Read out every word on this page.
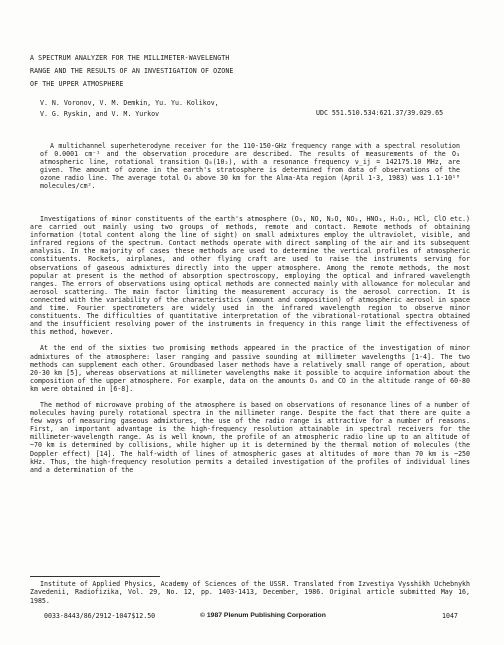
A SPECTRUM ANALYZER FOR THE MILLIMETER-WAVELENGTH
RANGE AND THE RESULTS OF AN INVESTIGATION OF OZONE
OF THE UPPER ATMOSPHERE
V. N. Voronov, V. M. Demkin, Yu. Yu. Kolikov,
V. G. Ryskin, and V. M. Yurkov	UDC 551.510.534:621.37/39.029.65

A multichannel superheterodyne receiver for the 110-150-GHz frequency range with a spectral resolution of 0.0001 cm⁻¹ and the observation procedure are described. The results of measurements of the O₃ atmospheric line, rotational transition Q₈(10₂), with a resonance frequency ν_ij = 142175.10 MHz, are given. The amount of ozone in the earth's stratosphere is determined from data of observations of the ozone radio line. The average total O₃ above 30 km for the Alma-Ata region (April 1-3, 1983) was 1.1·10¹⁸ molecules/cm².

Investigations of minor constituents of the earth's atmosphere (O₃, NO, N₂O, NO₂, HNO₃, H₂O₂, HCl, ClO etc.) are carried out mainly using two groups of methods, remote and contact. Remote methods of obtaining information (total content along the line of sight) on small admixtures employ the ultraviolet, visible, and infrared regions of the spectrum. Contact methods operate with direct sampling of the air and its subsequent analysis. In the majority of cases these methods are used to determine the vertical profiles of atmospheric constituents. Rockets, airplanes, and other flying craft are used to raise the instruments serving for observations of gaseous admixtures directly into the upper atmosphere. Among the remote methods, the most popular at present is the method of absorption spectroscopy, employing the optical and infrared wavelength ranges. The errors of observations using optical methods are connected mainly with allowance for molecular and aerosol scattering. The main factor limiting the measurement accuracy is the aerosol correction. It is connected with the variability of the characteristics (amount and composition) of atmospheric aerosol in space and time. Fourier spectrometers are widely used in the infrared wavelength region to observe minor constituents. The difficulties of quantitative interpretation of the vibrational-rotational spectra obtained and the insufficient resolving power of the instruments in frequency in this range limit the effectiveness of this method, however.

At the end of the sixties two promising methods appeared in the practice of the investigation of minor admixtures of the atmosphere: laser ranging and passive sounding at millimeter wavelengths [1-4]. The two methods can supplement each other. Groundbased laser methods have a relatively small range of operation, about 20-30 km [5], whereas observations at millimeter wavelengths make it possible to acquire information about the composition of the upper atmosphere. For example, data on the amounts O₃ and CO in the altitude range of 60-80 km were obtained in [6-8].

The method of microwave probing of the atmosphere is based on observations of resonance lines of a number of molecules having purely rotational spectra in the millimeter range. Despite the fact that there are quite a few ways of measuring gaseous admixtures, the use of the radio range is attractive for a number of reasons. First, an important advantage is the high-frequency resolution attainable in spectral receivers for the millimeter-wavelength range. As is well known, the profile of an atmospheric radio line up to an altitude of ~70 km is determined by collisions, while higher up it is determined by the thermal motion of molecules (the Doppler effect) [14]. The half-width of lines of atmospheric gases at altitudes of more than 70 km is ~250 kHz. Thus, the high-frequency resolution permits a detailed investigation of the profiles of individual lines and a determination of the

Institute of Applied Physics, Academy of Sciences of the USSR. Translated from Izvestiya Vysshikh Uchebnykh Zavedenii, Radiofizika, Vol. 29, No. 12, pp. 1403-1413, December, 1986. Original article submitted May 16, 1985.

0033-8443/86/2912-1047$12.50	© 1987 Plenum Publishing Corporation	1047
